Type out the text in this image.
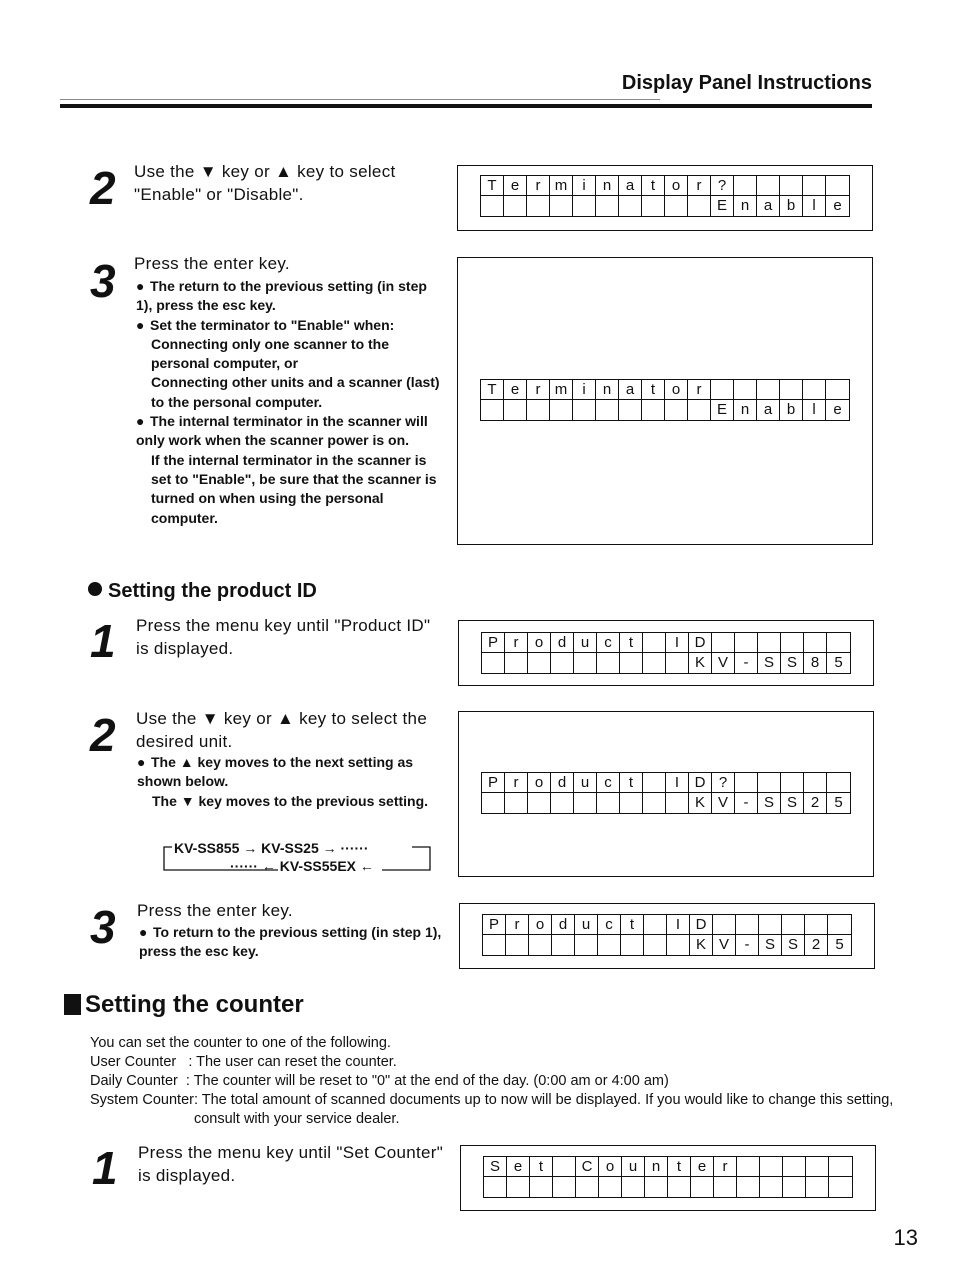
Display Panel Instructions
2 Use the ▼ key or ▲ key to select "Enable" or "Disable".	T e	r m	i	n a	t	o	r	?
E n a b	l	e
3 Press the enter key.
● The return to the previous setting (in step 1), press the esc key.
● Set the terminator to "Enable" when:
Connecting only one scanner to the personal computer, or
Connecting other units and a scanner (last) to the personal computer.
● The internal terminator in the scanner will only work when the scanner power is on.
If the internal terminator in the scanner is set to "Enable", be sure that the scanner is turned on when using the personal computer.
T e	r m	i	n a	t	o	r
E n a b	l	e
Setting the product ID
1 Press the menu key until "Product ID" is displayed.	P	r	o d u	c	t	I	D
K V	-	S S 8	5
2 Use the ▼ key or ▲ key to select the desired unit.
● The ▲ key moves to the next setting as shown below.
The ▼ key moves to the previous setting.
KV-SS855 → KV-SS25 → ······
······ ← KV-SS55EX ←
P	r	o d u	c	t	I	D ?
K V	-	S S 2	5
3 Press the enter key.
● To return to the previous setting (in step 1), press the esc key.
P	r	o d u	c	t	I	D
K V	-	S S 2	5
Setting the counter
You can set the counter to one of the following.
User Counter : The user can reset the counter.
Daily Counter : The counter will be reset to "0" at the end of the day. (0:00 am or 4:00 am)
System Counter : The total amount of scanned documents up to now will be displayed. If you would like to change this setting, consult with your service dealer.
1 Press the menu key until "Set Counter" is displayed.	S e	t	C o u n	t	e	r
13
